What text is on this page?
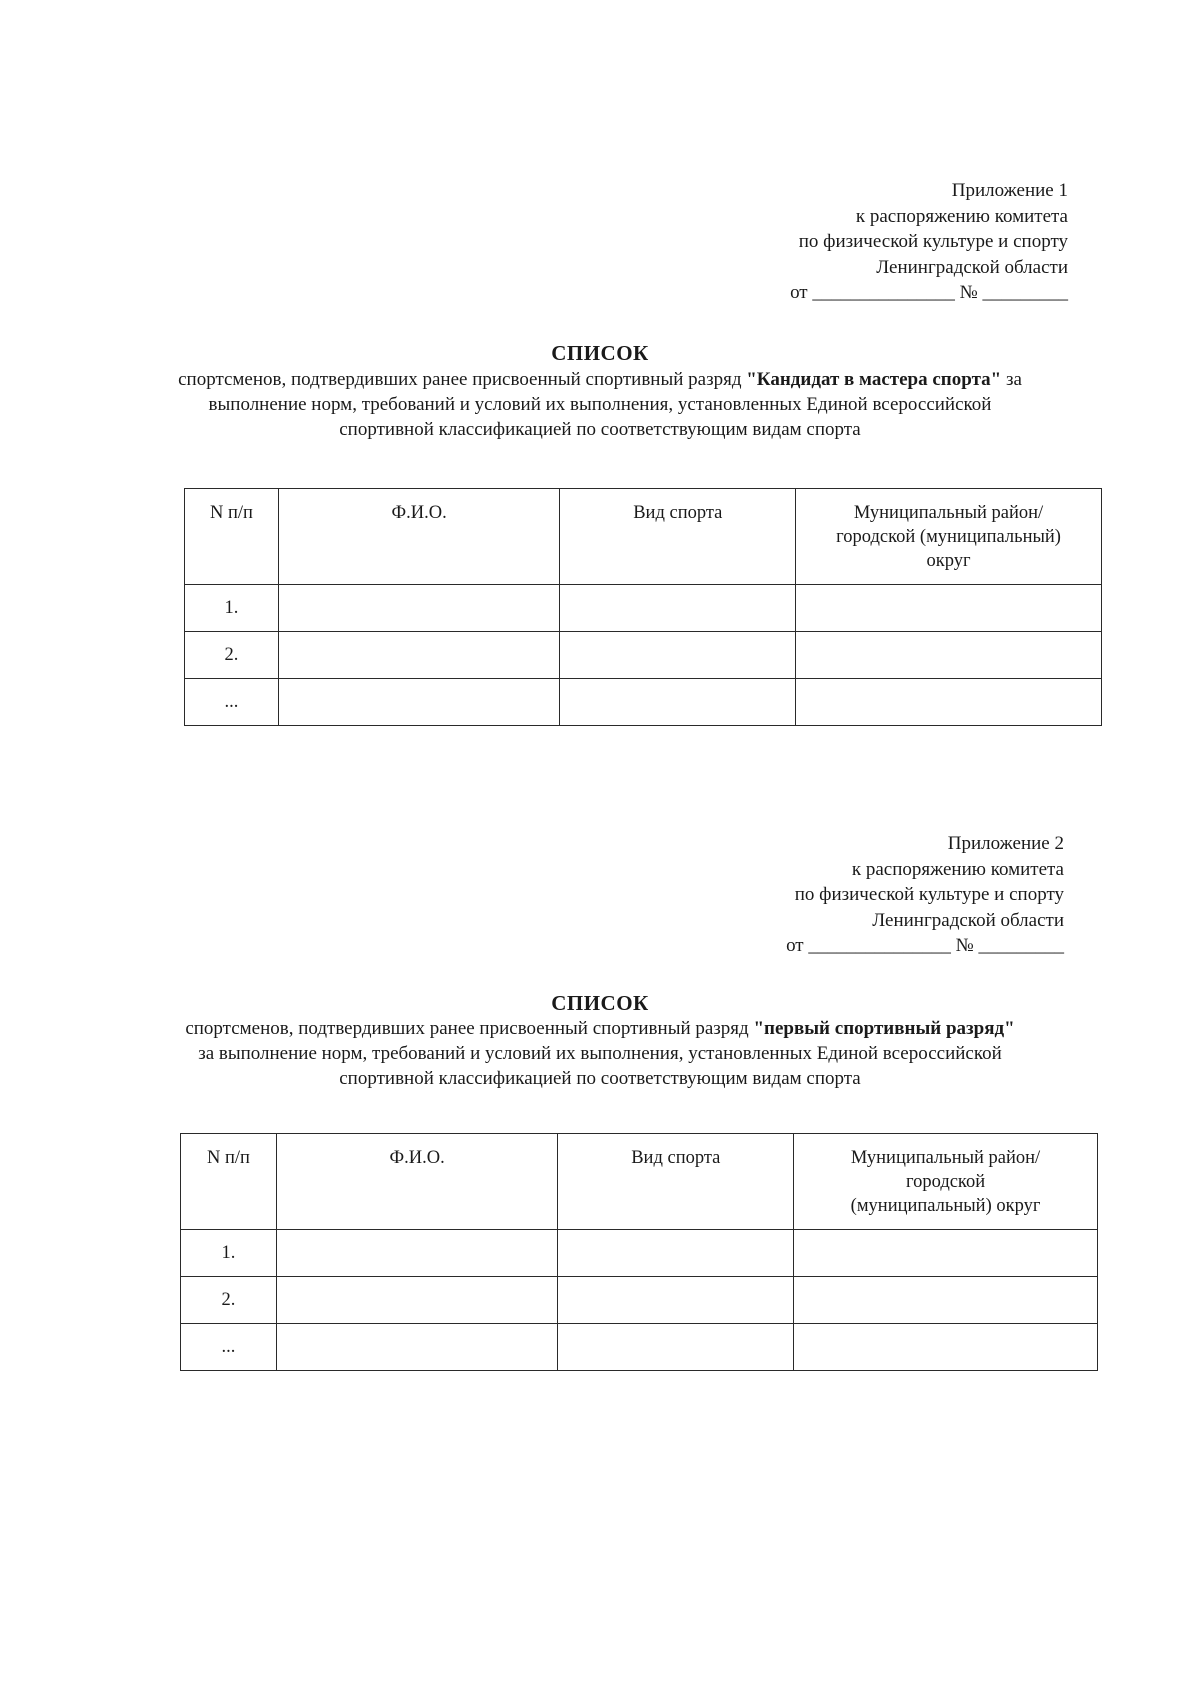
Приложение 1
к распоряжению комитета
по физической культуре и спорту
Ленинградской области
от _______________ № _________
СПИСОК
спортсменов, подтвердивших ранее присвоенный спортивный разряд "Кандидат в мастера спорта" за
выполнение норм, требований и условий их выполнения, установленных Единой всероссийской
спортивной классификацией по соответствующим видам спорта
N п/п	Ф.И.О.	Вид спорта	Муниципальный район/городской (муниципальный) округ
1.			
2.			
...			
Приложение 2
к распоряжению комитета
по физической культуре и спорту
Ленинградской области
от _______________ № _________
СПИСОК
спортсменов, подтвердивших ранее присвоенный спортивный разряд "первый спортивный разряд"
за выполнение норм, требований и условий их выполнения, установленных Единой всероссийской
спортивной классификацией по соответствующим видам спорта
N п/п	Ф.И.О.	Вид спорта	Муниципальный район/городской (муниципальный) округ
1.			
2.			
...			
